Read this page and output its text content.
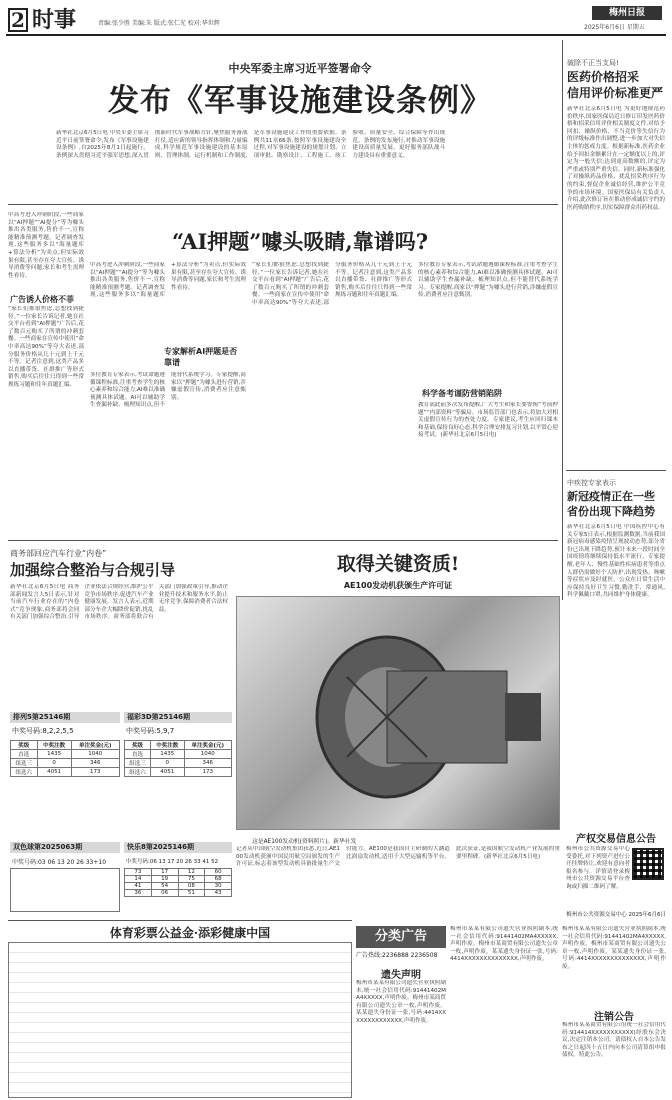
2 时事	责编:张少胜 美编:朱 版式:张仁光 校对:华世辉
梅州日报
2025年6月6日 星期五
中央军委主席习近平签署命令
发布《军事设施建设条例》
新华社北京6月5日电 中央军委主席习近平日前签署命令,发布《军事设施建设条例》,自2025年8月1日起施行。条例深入贯彻习近平强军思想,深入贯彻新时代军事战略方针,聚焦服务备战打仗,适应新的领导指挥体制和力量编成,科学规范军事设施建设的基本原则、管理体制、运行机制和工作制度,是军事设施建设工作的重要依据。条例共11章66条,按照军事设施建设全过程,对军事设施建设的规划计划、立项审批、勘察设计、工程施工、竣工验收、质量安全、综合保障等作出规范。条例的发布施行,对推动军事设施建设高质量发展、更好服务部队战斗力建设具有重要意义。
破除不正当支局!
医药价格招采
信用评价标准更严
新华社北京6月5日电 为更好地规范药价秩序,国家医保局近日修订印发医药价格和招采信用评价相关制度文件,对给予回扣、操纵价格、不当竞价等失信行为的评级标准作出调整,进一步加大对失信主体的惩戒力度。根据新标准,医药企业给予回扣金额累计在一定额度以上的,评定为一般失信;达到更高数额的,评定为严重或特别严重失信。同时,新标准强化了对操纵药品价格、扰乱招采秩序行为的约束,督促企业诚信经营,维护公平竞争的市场环境。国家医保局有关负责人介绍,此次修订旨在推动形成诚信守约的医药购销秩序,切实保障群众用药权益。
中疾控专家表示
新冠疫情正在一些
省份出现下降趋势
新华社北京6月5日电 中国疾控中心有关专家5日表示,根据监测数据,当前我国新冠病毒感染疫情呈现波动态势,部分省份已出现下降趋势,预计未来一段时间全国疫情将继续保持低水平流行。专家提醒,老年人、慢性基础性疾病患者等重点人群仍需做好个人防护,出现发热、咳嗽等症状应及时就医。公众在日常生活中应保持良好卫生习惯,勤洗手、常通风,科学佩戴口罩,共同维护身体健康。
“AI押题”噱头吸睛,靠谱吗?
中高考进入冲刺阶段,一些商家以“AI押题”“AI提分”等为噱头推出各类服务,售价不一,宣称能精准预测考题。记者调查发现,这些服务多以“海量题库+算法分析”为卖点,但实际效果有限,甚至存在夸大宣传、诱导消费等问题,家长和考生需理性看待。
广告诱人价格不菲
“家长们都很焦虑,总想找到捷径。”一位家长告诉记者,她在社交平台看到“AI押题”广告后,花了数百元购买了所谓的冲刺套餐。一些商家在宣传中使用“命中率高达90%”等夸大表述,部分服务价格从几十元到上千元不等。记者注意到,这类产品多以直播带货、社群推广等形式销售,购买后往往只得到一些常规练习题和往年真题汇编。
中高考进入冲刺阶段,一些商家以“AI押题”“AI提分”等为噱头推出各类服务,售价不一,宣称能精准预测考题。记者调查发现,这些服务多以“海量题库+算法分析”为卖点,但实际效果有限,甚至存在夸大宣传、诱导消费等问题,家长和考生需理性看待。
专家解析AI押题是否靠谱
多位教育专家表示,考试命题遵循课程标准,注重考查学生的核心素养和综合能力,AI难以准确预测具体试题。AI可以辅助学生查漏补缺、梳理知识点,但不能替代系统学习。专家提醒,商家以“押题”为噱头进行营销,涉嫌虚假宣传,消费者应注意甄别。
“家长们都很焦虑,总想找到捷径。”一位家长告诉记者,她在社交平台看到“AI押题”广告后,花了数百元购买了所谓的冲刺套餐。一些商家在宣传中使用“命中率高达90%”等夸大表述,部分服务价格从几十元到上千元不等。记者注意到,这类产品多以直播带货、社群推广等形式销售,购买后往往只得到一些常规练习题和往年真题汇编。
科学备考谨防营销陷阱
多位教育专家表示,考试命题遵循课程标准,注重考查学生的核心素养和综合能力,AI难以准确预测具体试题。AI可以辅助学生查漏补缺、梳理知识点,但不能替代系统学习。专家提醒,商家以“押题”为噱头进行营销,涉嫌虚假宣传,消费者应注意甄别。
教育部此前多次发布提醒,广大考生和家长要警惕“考前押题”“内部资料”等骗局。市场监管部门也表示,将加大对相关虚假宣传行为的查处力度。专家建议,考生应回归课本和基础,保持良好心态,科学合理安排复习计划,以平常心迎接考试。(新华社北京6月5日电)
商务部回应汽车行业“内卷”
加强综合整治与合规引导
新华社北京6月5日电 商务部新闻发言人5日表示,针对当前汽车行业存在的“内卷式”竞争现象,商务部将会同有关部门加强综合整治,引导企业依法合规经营,维护公平竞争市场秩序,促进汽车产业健康发展。发言人表示,近期部分车企大幅降价促销,扰乱市场秩序。商务部将联合有关部门加强政策引导,推动企业提升技术和服务水平,防止无序竞争,保障消费者合法权益。
取得关键资质!
AE100发动机获颁生产许可证
这是AE100发动机(资料照片)。新华社发
记者从中国航空发动机集团获悉,近日,AE100发动机获颁中国民用航空局颁发的生产许可证,标志着该型发动机具备批量生产交付能力。AE100是我国自主研制的大涵道比涡扇发动机,适用于大型运输机等平台。此次获证,是我国航空发动机产业发展的重要里程碑。(新华社北京6月5日电)
排列5第25146期
中奖号码:8,2,2,5,5
奖级	中奖注数	单注奖金(元)
直选	1435	1040
组选三	0	346
组选六	4051	173
双色球第2025063期
中奖号码:03 06 13 20 26 33+10
福彩3D第25146期
中奖号码:5,9,7
奖级	中奖注数	单注奖金(元)
直选	1435	1040
组选三	0	346
组选六	4051	173
快乐8第2025146期
中奖号码:06 13 17 20 26 33 41 52
73	17	12	60
14	19	75	68
41	54	08	30
36	06	51	43
体育彩票公益金·添彩健康中国	分类广告
广告热线:2236888 2236508
遗失声明
梅州市某某有限公司遗失营业执照副本,统一社会信用代码:91441402MA4XXXXX,声明作废。梅州市某商贸有限公司遗失公章一枚,声明作废。某某遗失身份证一张,号码:4414XXXXXXXXXXXXXX,声明作废。
梅州市某某有限公司遗失营业执照副本,统一社会信用代码:91441402MA4XXXXX,声明作废。梅州市某商贸有限公司遗失公章一枚,声明作废。某某遗失身份证一张,号码:4414XXXXXXXXXXXXXX,声明作废。
产权交易信息公告
梅州市公共资源交易中心受委托,对下列资产进行公开挂牌转让,欢迎有意向者报名参与。详情请登录梅州市公共资源交易平台查询或扫描二维码了解。
梅州市公共资源交易中心 2025年6月6日
梅州市某某有限公司遗失营业执照副本,统一社会信用代码:91441402MA4XXXXX,声明作废。梅州市某商贸有限公司遗失公章一枚,声明作废。某某遗失身份证一张,号码:4414XXXXXXXXXXXXXX,声明作废。
注销公告
梅州市某某商贸有限公司(统一社会信用代码:914414XXXXXXXXXXX)经股东会决议,决定注销本公司。请债权人自本公告发布之日起四十五日内向本公司清算组申报债权。特此公告。
